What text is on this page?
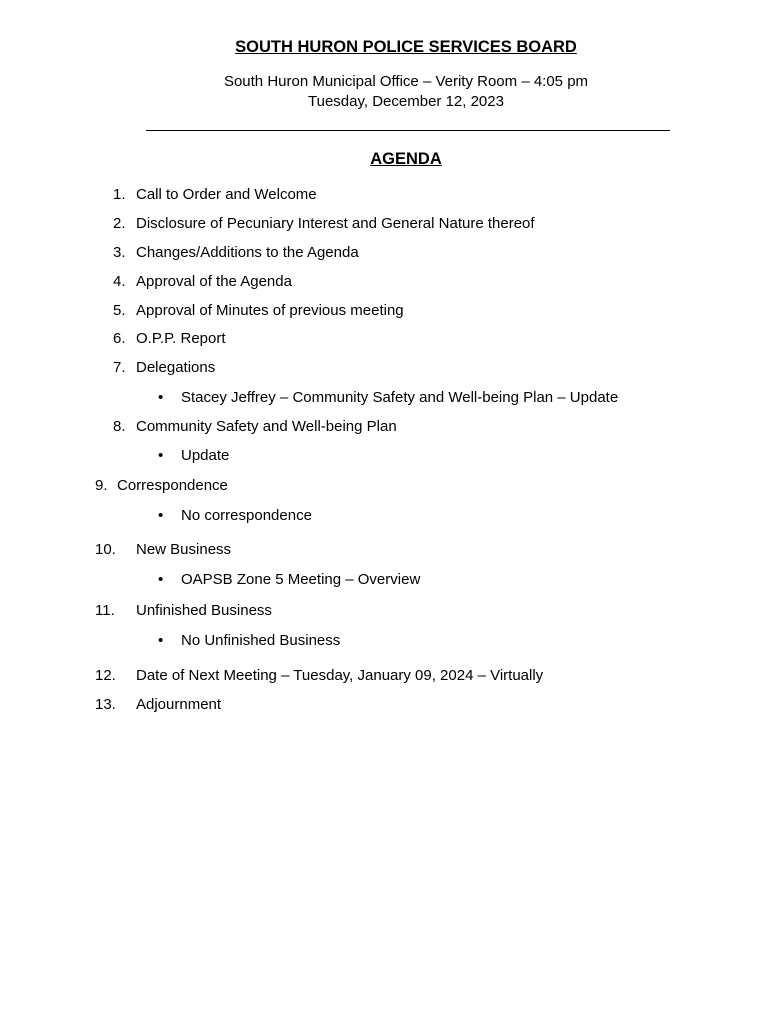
SOUTH HURON POLICE SERVICES BOARD
South Huron Municipal Office – Verity Room – 4:05 pm
Tuesday, December 12, 2023
AGENDA
1. Call to Order and Welcome
2. Disclosure of Pecuniary Interest and General Nature thereof
3. Changes/Additions to the Agenda
4. Approval of the Agenda
5. Approval of Minutes of previous meeting
6. O.P.P. Report
7. Delegations
• Stacey Jeffrey – Community Safety and Well-being Plan – Update
8. Community Safety and Well-being Plan
• Update
9. Correspondence
• No correspondence
10. New Business
• OAPSB Zone 5 Meeting – Overview
11. Unfinished Business
• No Unfinished Business
12. Date of Next Meeting – Tuesday, January 09, 2024 – Virtually
13. Adjournment
